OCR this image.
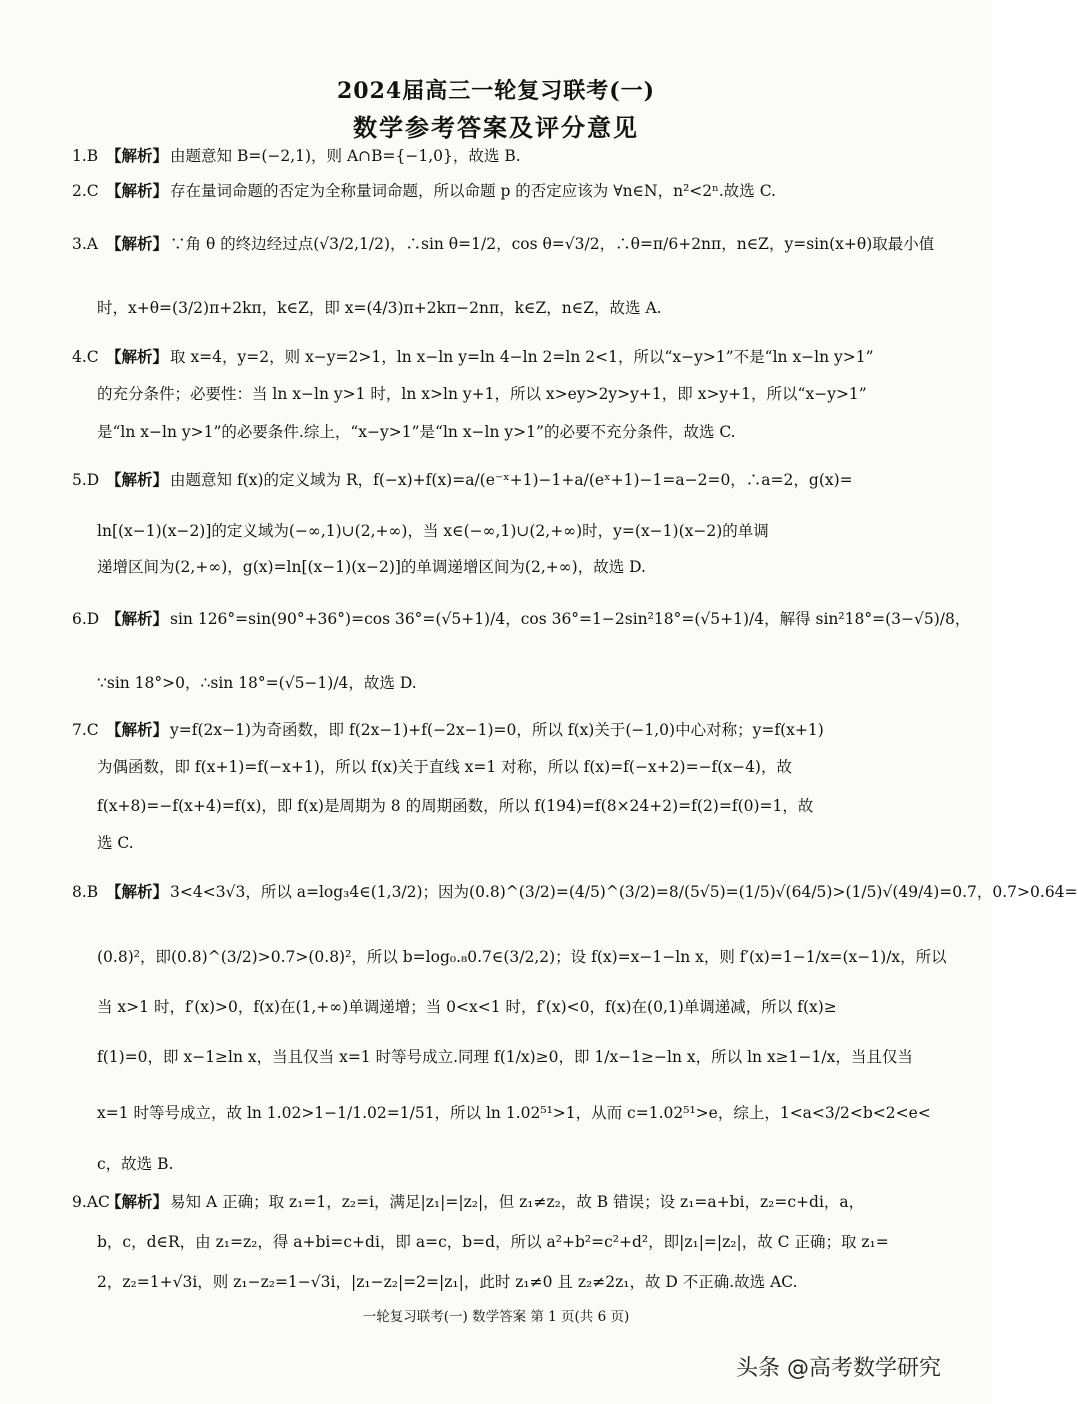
2024届高三一轮复习联考(一)
数学参考答案及评分意见
1.B 【解析】 由题意知 B=(−2,1)，则 A∩B={−1,0}，故选 B.
2.C 【解析】 存在量词命题的否定为全称量词命题，所以命题 p 的否定应该为 ∀n∈N，n²<2ⁿ.故选 C.
3.A 【解析】 ∵角 θ 的终边经过点(√3/2,1/2)，∴sin θ=1/2，cos θ=√3/2，∴θ=π/6+2nπ，n∈Z，y=sin(x+θ)取最小值
时，x+θ=(3/2)π+2kπ，k∈Z，即 x=(4/3)π+2kπ−2nπ，k∈Z，n∈Z，故选 A.
4.C 【解析】 取 x=4，y=2，则 x−y=2>1，ln x−ln y=ln 4−ln 2=ln 2<1，所以“x−y>1”不是“ln x−ln y>1”
的充分条件；必要性：当 ln x−ln y>1 时，ln x>ln y+1，所以 x>ey>2y>y+1，即 x>y+1，所以“x−y>1”
是“ln x−ln y>1”的必要条件.综上，“x−y>1”是“ln x−ln y>1”的必要不充分条件，故选 C.
5.D 【解析】 由题意知 f(x)的定义域为 R，f(−x)+f(x)=a/(e⁻ˣ+1)−1+a/(eˣ+1)−1=a−2=0，∴a=2，g(x)=
ln[(x−1)(x−2)]的定义域为(−∞,1)∪(2,+∞)，当 x∈(−∞,1)∪(2,+∞)时，y=(x−1)(x−2)的单调
递增区间为(2,+∞)，g(x)=ln[(x−1)(x−2)]的单调递增区间为(2,+∞)，故选 D.
6.D 【解析】 sin 126°=sin(90°+36°)=cos 36°=(√5+1)/4，cos 36°=1−2sin²18°=(√5+1)/4，解得 sin²18°=(3−√5)/8，
∵sin 18°>0，∴sin 18°=(√5−1)/4，故选 D.
7.C 【解析】 y=f(2x−1)为奇函数，即 f(2x−1)+f(−2x−1)=0，所以 f(x)关于(−1,0)中心对称；y=f(x+1)
为偶函数，即 f(x+1)=f(−x+1)，所以 f(x)关于直线 x=1 对称，所以 f(x)=f(−x+2)=−f(x−4)，故
f(x+8)=−f(x+4)=f(x)，即 f(x)是周期为 8 的周期函数，所以 f(194)=f(8×24+2)=f(2)=f(0)=1，故
选 C.
8.B 【解析】 3<4<3√3，所以 a=log₃4∈(1,3/2)；因为(0.8)^(3/2)=(4/5)^(3/2)=8/(5√5)=(1/5)√(64/5)>(1/5)√(49/4)=0.7，0.7>0.64=
(0.8)²，即(0.8)^(3/2)>0.7>(0.8)²，所以 b=log₀.₈0.7∈(3/2,2)；设 f(x)=x−1−ln x，则 f′(x)=1−1/x=(x−1)/x，所以
当 x>1 时，f′(x)>0，f(x)在(1,+∞)单调递增；当 0<x<1 时，f′(x)<0，f(x)在(0,1)单调递减，所以 f(x)≥
f(1)=0，即 x−1≥ln x，当且仅当 x=1 时等号成立.同理 f(1/x)≥0，即 1/x−1≥−ln x，所以 ln x≥1−1/x，当且仅当
x=1 时等号成立，故 ln 1.02>1−1/1.02=1/51，所以 ln 1.02⁵¹>1，从而 c=1.02⁵¹>e，综上，1<a<3/2<b<2<e<
c，故选 B.
9.AC【解析】 易知 A 正确；取 z₁=1，z₂=i，满足|z₁|=|z₂|，但 z₁≠z₂，故 B 错误；设 z₁=a+bi，z₂=c+di，a，
b，c，d∈R，由 z₁=z₂，得 a+bi=c+di，即 a=c，b=d，所以 a²+b²=c²+d²，即|z₁|=|z₂|，故 C 正确；取 z₁=
2，z₂=1+√3i，则 z₁−z₂=1−√3i，|z₁−z₂|=2=|z₁|，此时 z₁≠0 且 z₂≠2z₁，故 D 不正确.故选 AC.
一轮复习联考(一) 数学答案 第 1 页(共 6 页)
头条 @高考数学研究
